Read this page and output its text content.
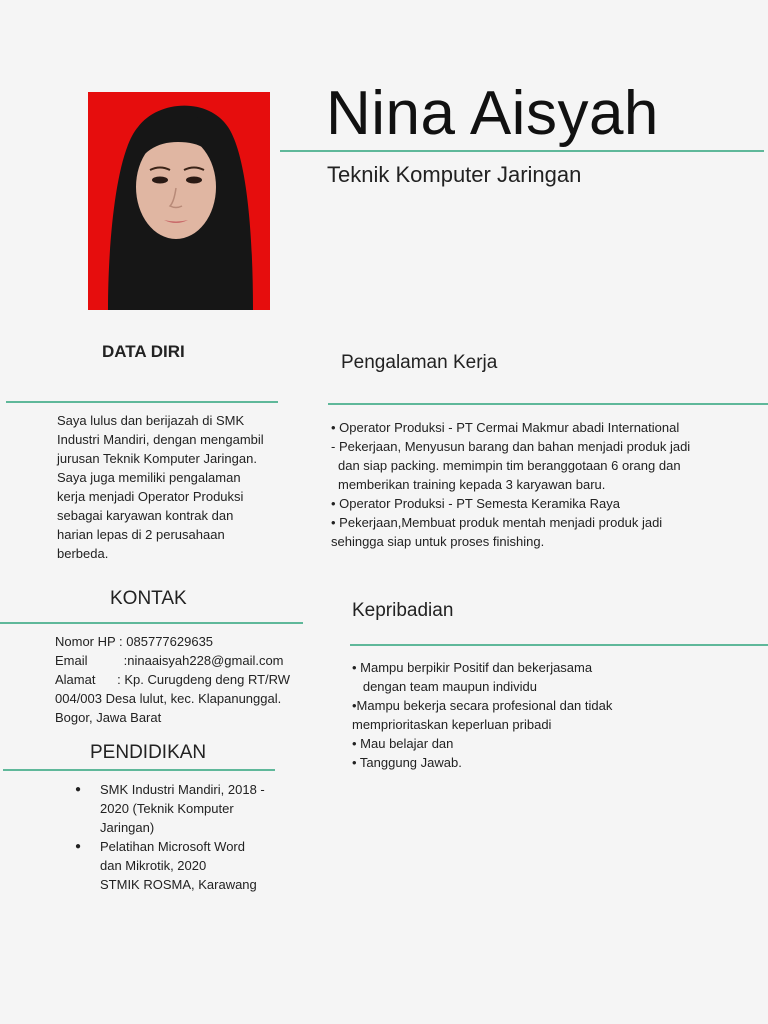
Nina Aisyah
Teknik Komputer Jaringan
DATA DIRI

Saya lulus dan berijazah di SMK

Industri Mandiri, dengan mengambil

jurusan Teknik Komputer Jaringan.

Saya juga memiliki pengalaman

kerja menjadi Operator Produksi

sebagai karyawan kontrak dan

harian lepas di 2 perusahaan

berbeda.

KONTAK

Nomor HP : 085777629635

Email          :ninaaisyah228@gmail.com

Alamat      : Kp. Curugdeng deng RT/RW

004/003 Desa lulut, kec. Klapanunggal.

Bogor, Jawa Barat

PENDIDIKAN
● SMK Industri Mandiri, 2018 -
2020 (Teknik Komputer
Jaringan)
● Pelatihan Microsoft Word
dan Mikrotik, 2020
STMIK ROSMA, Karawang
Pengalaman Kerja

• Operator Produksi - PT Cermai Makmur abadi International

- Pekerjaan, Menyusun barang dan bahan menjadi produk jadi

dan siap packing. memimpin tim beranggotaan 6 orang dan

memberikan training kepada 3 karyawan baru.

• Operator Produksi - PT Semesta Keramika Raya

• Pekerjaan,Membuat produk mentah menjadi produk jadi

sehingga siap untuk proses finishing.

Kepribadian

• Mampu berpikir Positif dan bekerjasama

dengan team maupun individu

•Mampu bekerja secara profesional dan tidak

mempriorіtaskan keperluan pribadi

• Mau belajar dan

• Tanggung Jawab.
